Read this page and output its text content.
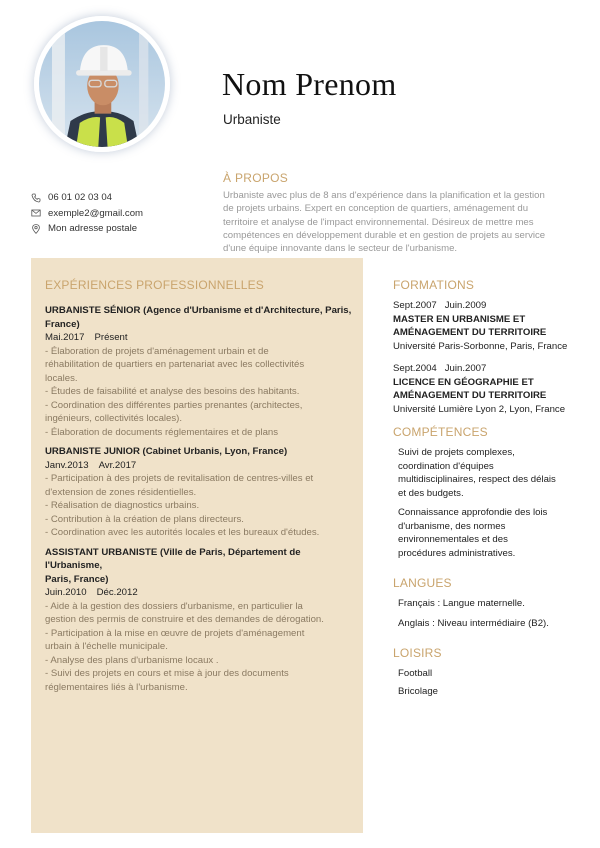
Nom Prenom
Urbaniste
À PROPOS
Urbaniste avec plus de 8 ans d'expérience dans la planification et la gestion
de projets urbains. Expert en conception de quartiers, aménagement du
territoire et analyse de l'impact environnemental. Désireux de mettre mes
compétences en développement durable et en gestion de projets au service
d'une équipe innovante dans le secteur de l'urbanisme.
06 01 02 03 04
exemple2@gmail.com
Mon adresse postale
EXPÉRIENCES PROFESSIONNELLES
URBANISTE SÉNIOR (Agence d'Urbanisme et d'Architecture, Paris,
France)
Mai.2017 Présent
- Élaboration de projets d'aménagement urbain et de
réhabilitation de quartiers en partenariat avec les collectivités
locales.
- Études de faisabilité et analyse des besoins des habitants.
- Coordination des différentes parties prenantes (architectes,
ingénieurs, collectivités locales).
- Élaboration de documents réglementaires et de plans
URBANISTE JUNIOR (Cabinet Urbanis, Lyon, France)
Janv.2013 Avr.2017
- Participation à des projets de revitalisation de centres-villes et
d'extension de zones résidentielles.
- Réalisation de diagnostics urbains.
- Contribution à la création de plans directeurs.
- Coordination avec les autorités locales et les bureaux d'études.
ASSISTANT URBANISTE (Ville de Paris, Département de l'Urbanisme,
Paris, France)
Juin.2010 Déc.2012
- Aide à la gestion des dossiers d'urbanisme, en particulier la
gestion des permis de construire et des demandes de dérogation.
- Participation à la mise en œuvre de projets d'aménagement
urbain à l'échelle municipale.
- Analyse des plans d'urbanisme locaux .
- Suivi des projets en cours et mise à jour des documents
réglementaires liés à l'urbanisme.
FORMATIONS
Sept.2007 Juin.2009
MASTER EN URBANISME ET
AMÉNAGEMENT DU TERRITOIRE
Université Paris-Sorbonne, Paris, France
Sept.2004 Juin.2007
LICENCE EN GÉOGRAPHIE ET
AMÉNAGEMENT DU TERRITOIRE
Université Lumière Lyon 2, Lyon, France
COMPÉTENCES
Suivi de projets complexes,
coordination d'équipes
multidisciplinaires, respect des délais
et des budgets.
Connaissance approfondie des lois
d'urbanisme, des normes
environnementales et des
procédures administratives.
LANGUES
Français : Langue maternelle.
Anglais : Niveau intermédiaire (B2).
LOISIRS
Football
Bricolage
